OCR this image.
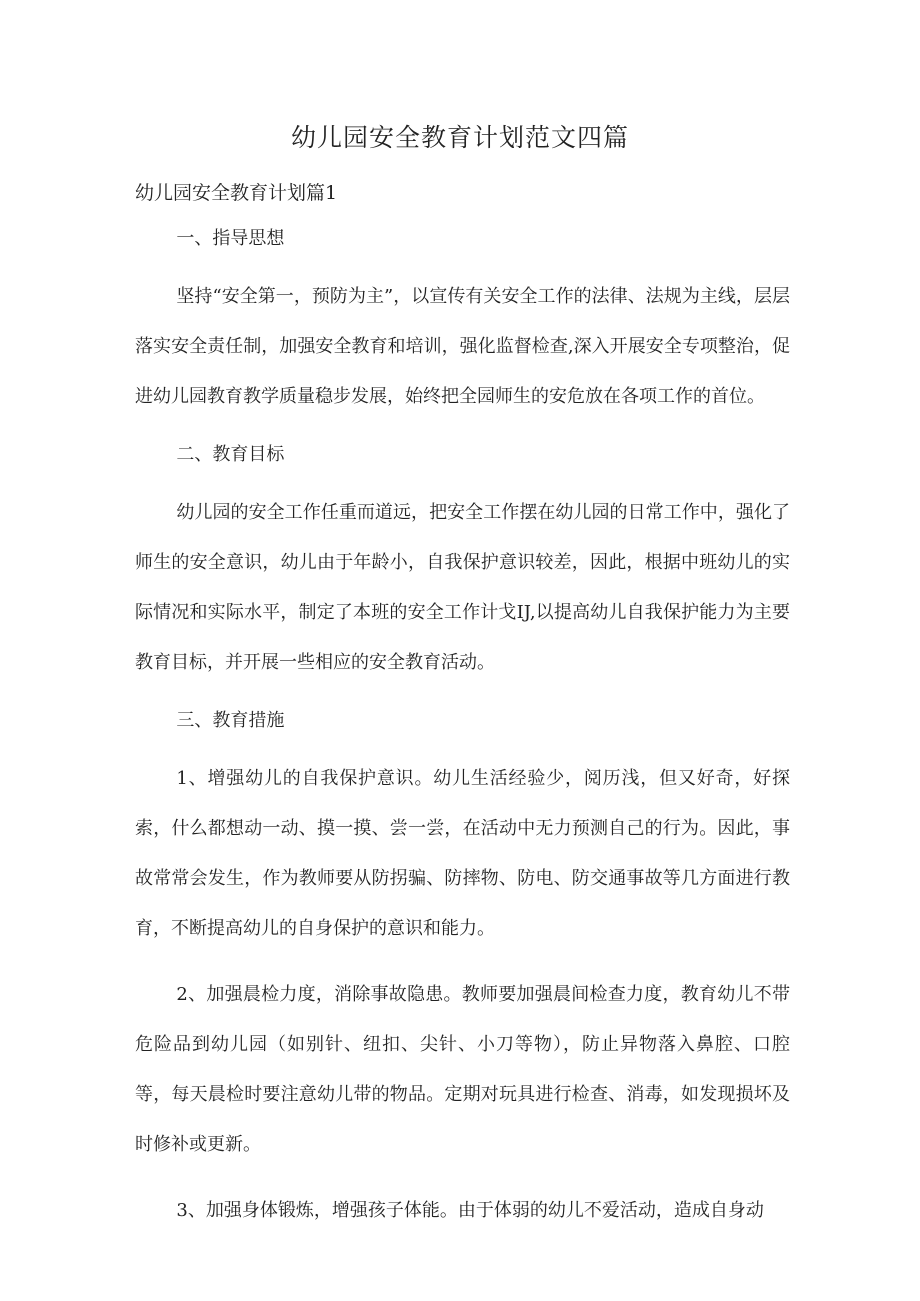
幼儿园安全教育计划范文四篇
幼儿园安全教育计划篇1

一、指导思想

坚持“安全第一，预防为主”，以宣传有关安全工作的法律、法规为主线，层层落实安全责任制，加强安全教育和培训，强化监督检查,深入开展安全专项整治，促进幼儿园教育教学质量稳步发展，始终把全园师生的安危放在各项工作的首位。

二、教育目标

幼儿园的安全工作任重而道远，把安全工作摆在幼儿园的日常工作中，强化了师生的安全意识，幼儿由于年龄小，自我保护意识较差，因此，根据中班幼儿的实际情况和实际水平，制定了本班的安全工作计戈IJ,以提高幼儿自我保护能力为主要教育目标，并开展一些相应的安全教育活动。

三、教育措施

1、增强幼儿的自我保护意识。幼儿生活经验少，阅历浅，但又好奇，好探索，什么都想动一动、摸一摸、尝一尝，在活动中无力预测自己的行为。因此，事故常常会发生，作为教师要从防拐骗、防摔物、防电、防交通事故等几方面进行教育，不断提高幼儿的自身保护的意识和能力。

2、加强晨检力度，消除事故隐患。教师要加强晨间检查力度，教育幼儿不带危险品到幼儿园（如别针、纽扣、尖针、小刀等物），防止异物落入鼻腔、口腔等，每天晨检时要注意幼儿带的物品。定期对玩具进行检查、消毒，如发现损坏及时修补或更新。

3、加强身体锻炼，增强孩子体能。由于体弱的幼儿不爱活动，造成自身动
